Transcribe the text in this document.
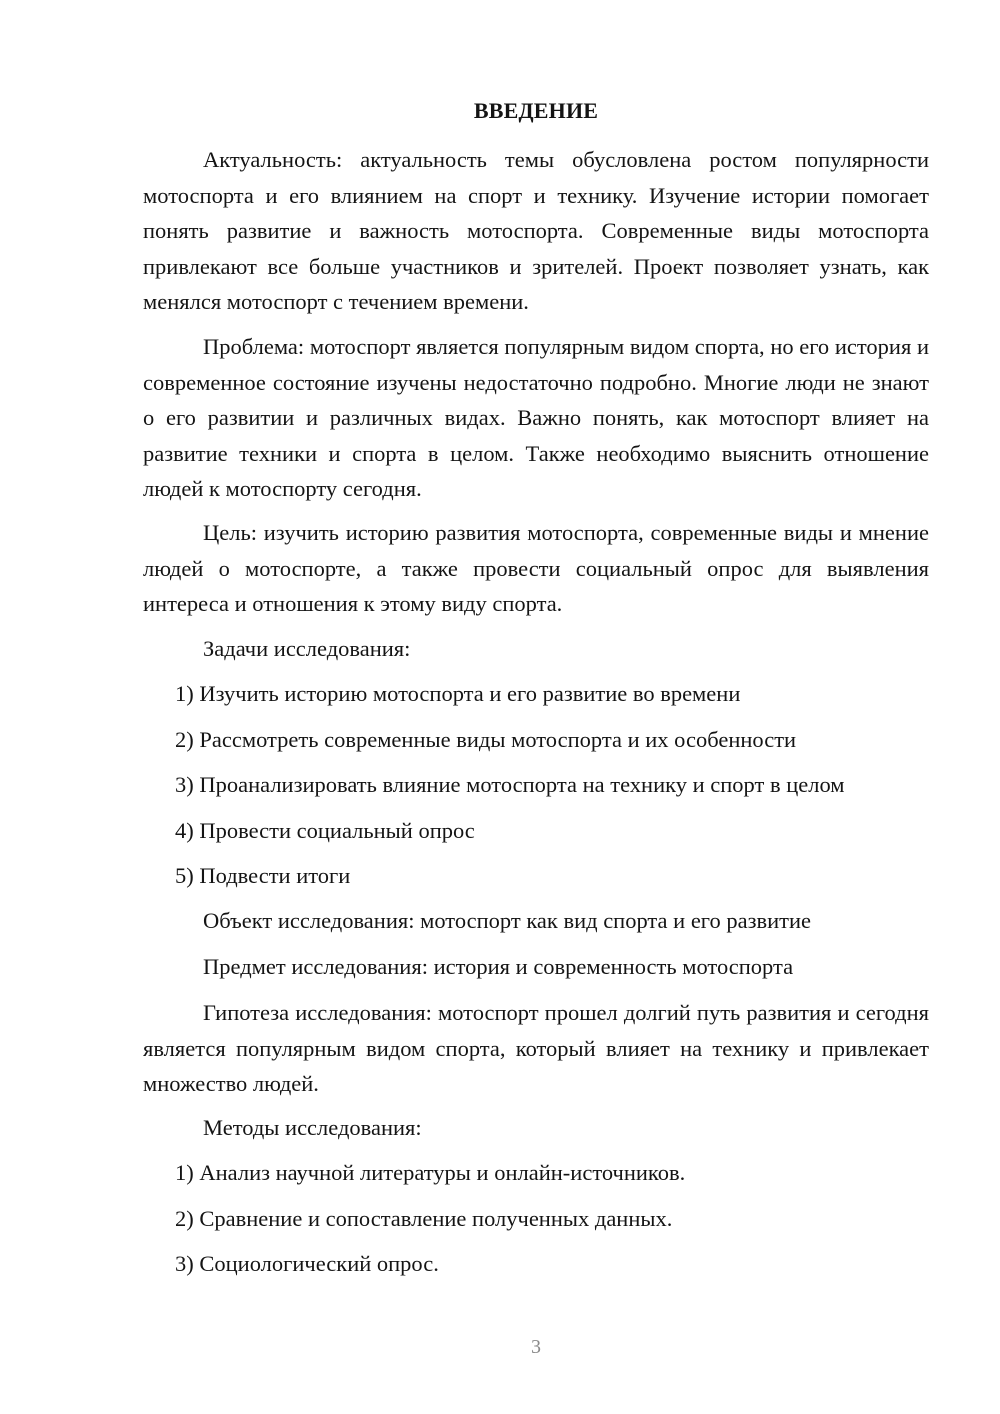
ВВЕДЕНИЕ

Актуальность: актуальность темы обусловлена ростом популярности мотоспорта и его влиянием на спорт и технику. Изучение истории помогает понять развитие и важность мотоспорта. Современные виды мотоспорта привлекают все больше участников и зрителей. Проект позволяет узнать, как менялся мотоспорт с течением времени.

Проблема: мотоспорт является популярным видом спорта, но его история и современное состояние изучены недостаточно подробно. Многие люди не знают о его развитии и различных видах. Важно понять, как мотоспорт влияет на развитие техники и спорта в целом. Также необходимо выяснить отношение людей к мотоспорту сегодня.

Цель: изучить историю развития мотоспорта, современные виды и мнение людей о мотоспорте, а также провести социальный опрос для выявления интереса и отношения к этому виду спорта.

Задачи исследования:

1) Изучить историю мотоспорта и его развитие во времени

2) Рассмотреть современные виды мотоспорта и их особенности

3) Проанализировать влияние мотоспорта на технику и спорт в целом

4) Провести социальный опрос

5) Подвести итоги

Объект исследования: мотоспорт как вид спорта и его развитие

Предмет исследования: история и современность мотоспорта

Гипотеза исследования: мотоспорт прошел долгий путь развития и сегодня является популярным видом спорта, который влияет на технику и привлекает множество людей.

Методы исследования:

1) Анализ научной литературы и онлайн-источников.

2) Сравнение и сопоставление полученных данных.

3) Социологический опрос.

3
